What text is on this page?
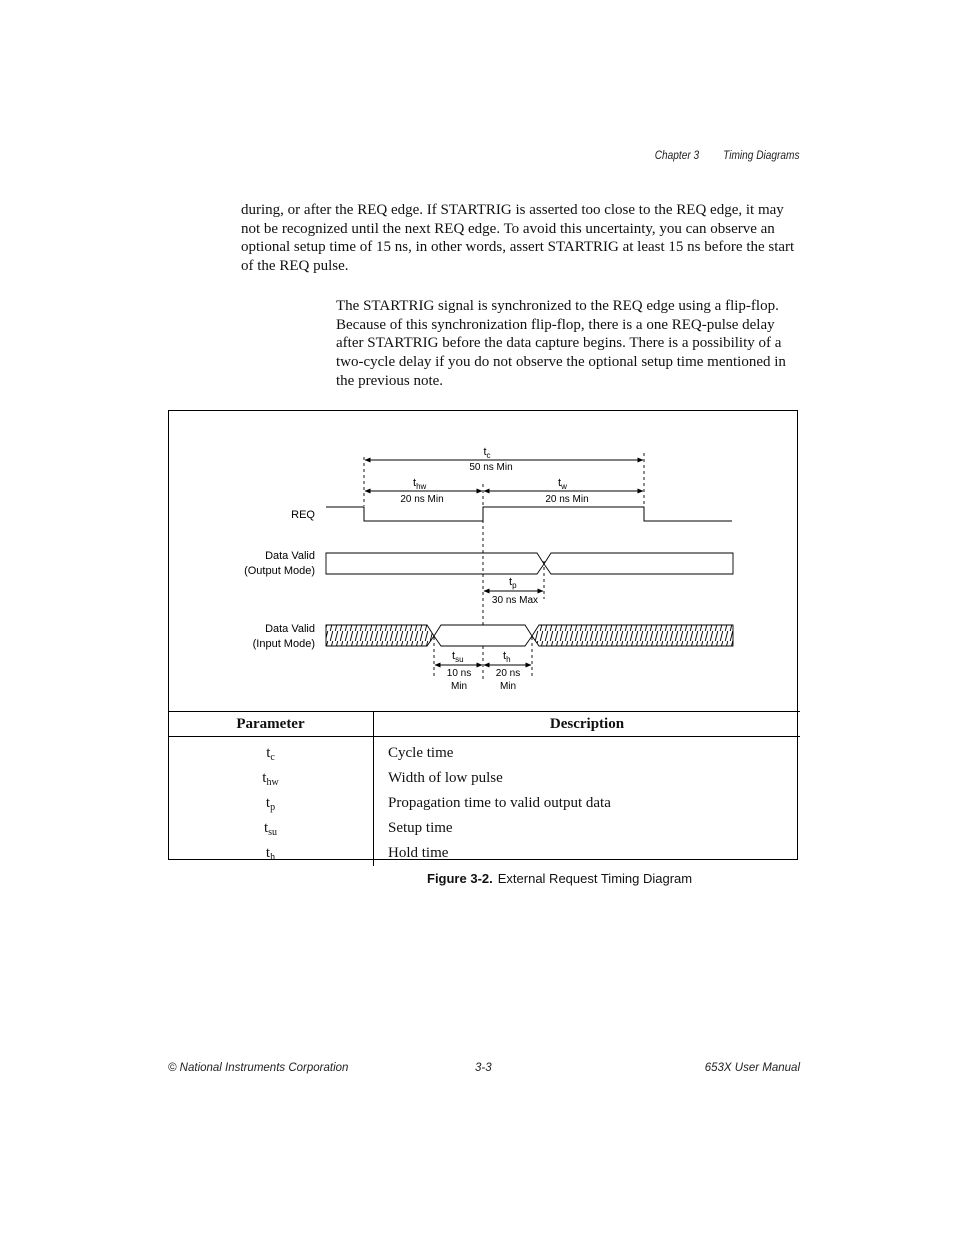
Chapter 3 Timing Diagrams

during, or after the REQ edge. If STARTRIG is asserted too close to the REQ edge, it may not be recognized until the next REQ edge. To avoid this uncertainty, you can observe an optional setup time of 15 ns, in other words, assert STARTRIG at least 15 ns before the start of the REQ pulse.

The STARTRIG signal is synchronized to the REQ edge using a flip-flop. Because of this synchronization flip-flop, there is a one REQ-pulse delay after STARTRIG before the data capture begins. There is a possibility of a two-cycle delay if you do not observe the optional setup time mentioned in the previous note.

$t_c$
50 ns Min
$t_{hw}$
20 ns Min
$t_w$
20 ns Min
REQ
Data Valid
(Output Mode)
$t_p$
30 ns Max
Data Valid
(Input Mode)
$t_{su}$
10 ns
Min
$t_h$
20 ns
Min
Parameter	Description
$t_c$	Cycle time
$t_{hw}$	Width of low pulse
$t_p$	Propagation time to valid output data
$t_{su}$	Setup time
$t_h$	Hold time
Figure 3-2. External Request Timing Diagram
© National Instruments Corporation	3-3	653X User Manual
